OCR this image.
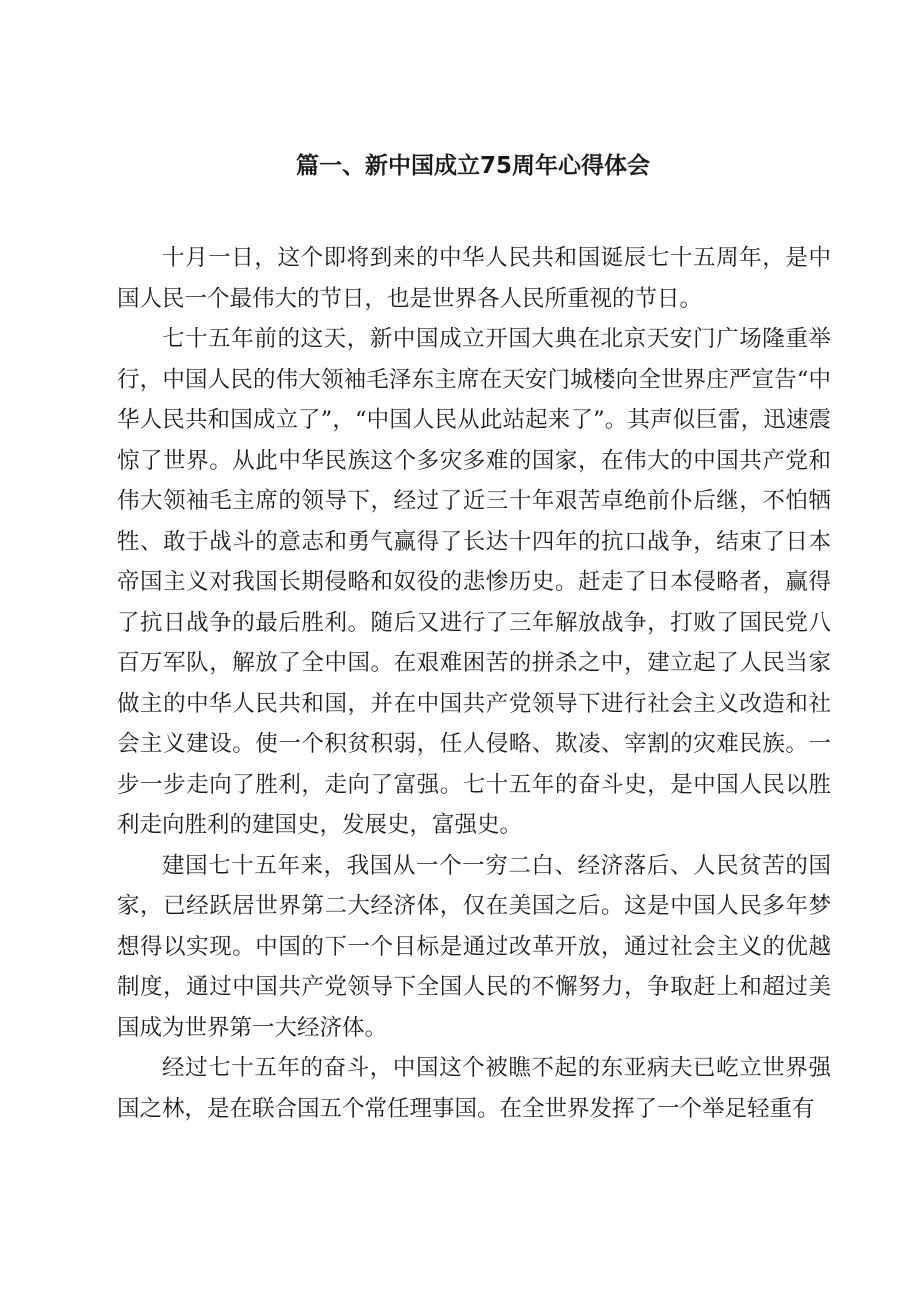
篇一、新中国成立75周年心得体会

十月一日，这个即将到来的中华人民共和国诞辰七十五周年，是中国人民一个最伟大的节日，也是世界各人民所重视的节日。

七十五年前的这天，新中国成立开国大典在北京天安门广场隆重举行，中国人民的伟大领袖毛泽东主席在天安门城楼向全世界庄严宣告“中华人民共和国成立了”，“中国人民从此站起来了”。其声似巨雷，迅速震惊了世界。从此中华民族这个多灾多难的国家，在伟大的中国共产党和伟大领袖毛主席的领导下，经过了近三十年艰苦卓绝前仆后继，不怕牺牲、敢于战斗的意志和勇气赢得了长达十四年的抗口战争，结束了日本帝国主义对我国长期侵略和奴役的悲惨历史。赶走了日本侵略者，赢得了抗日战争的最后胜利。随后又进行了三年解放战争，打败了国民党八百万军队，解放了全中国。在艰难困苦的拼杀之中，建立起了人民当家做主的中华人民共和国，并在中国共产党领导下进行社会主义改造和社会主义建设。使一个积贫积弱，任人侵略、欺凌、宰割的灾难民族。一步一步走向了胜利，走向了富强。七十五年的奋斗史，是中国人民以胜利走向胜利的建国史，发展史，富强史。

建国七十五年来，我国从一个一穷二白、经济落后、人民贫苦的国家，已经跃居世界第二大经济体，仅在美国之后。这是中国人民多年梦想得以实现。中国的下一个目标是通过改革开放，通过社会主义的优越制度，通过中国共产党领导下全国人民的不懈努力，争取赶上和超过美国成为世界第一大经济体。

经过七十五年的奋斗，中国这个被瞧不起的东亚病夫已屹立世界强国之林，是在联合国五个常任理事国。在全世界发挥了一个举足轻重有
